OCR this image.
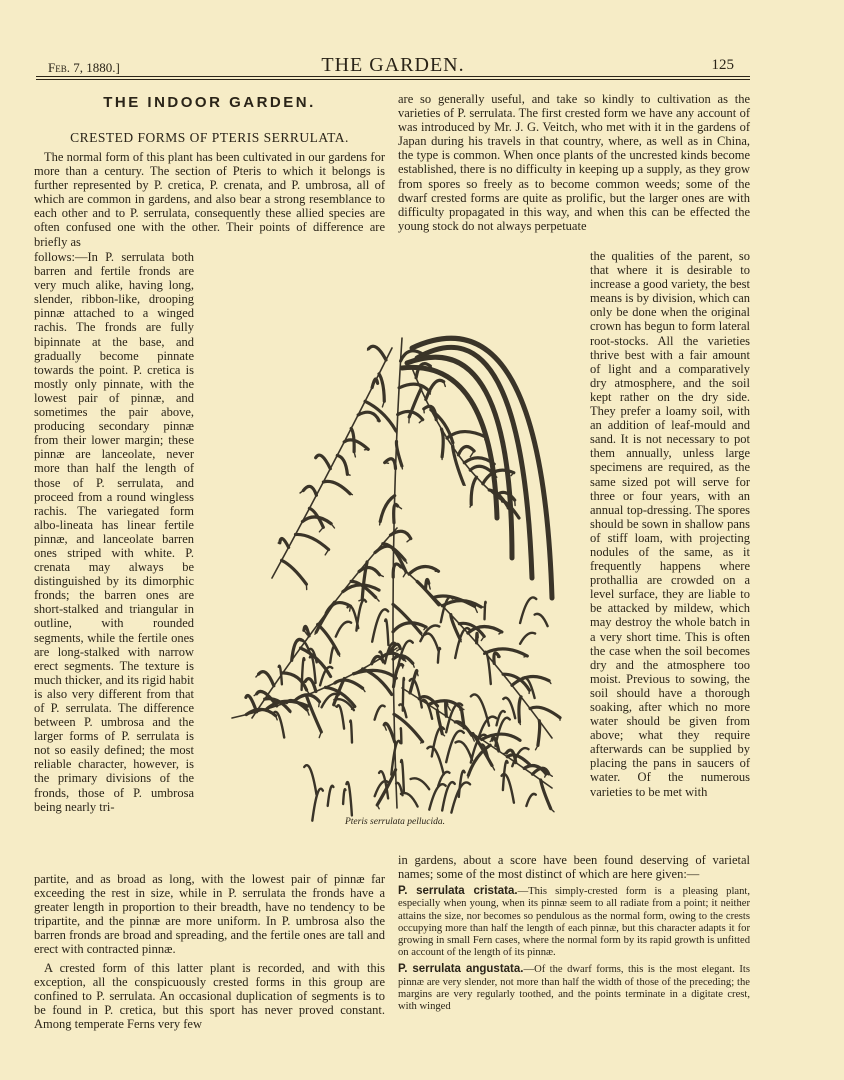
Feb. 7, 1880.]	THE GARDEN.	125
THE INDOOR GARDEN.
CRESTED FORMS OF PTERIS SERRULATA.

The normal form of this plant has been cultivated in our gardens for more than a century. The section of Pteris to which it belongs is further represented by P. cretica, P. crenata, and P. umbrosa, all of which are common in gardens, and also bear a strong resemblance to each other and to P. serrulata, consequently these allied species are often confused one with the other. Their points of difference are briefly as

follows:—In P. serrulata both barren and fertile fronds are very much alike, having long, slender, ribbon-like, drooping pinnæ attached to a winged rachis. The fronds are fully bipinnate at the base, and gradually become pinnate towards the point. P. cretica is mostly only pinnate, with the lowest pair of pinnæ, and sometimes the pair above, producing secondary pinnæ from their lower margin; these pinnæ are lanceolate, never more than half the length of those of P. serrulata, and proceed from a round wingless rachis. The variegated form albo-lineata has linear fertile pinnæ, and lanceolate barren ones striped with white. P. crenata may always be distinguished by its dimorphic fronds; the barren ones are short-stalked and triangular in outline, with rounded segments, while the fertile ones are long-stalked with narrow erect segments. The texture is much thicker, and its rigid habit is also very different from that of P. serrulata. The difference between P. umbrosa and the larger forms of P. serrulata is not so easily defined; the most reliable character, however, is the primary divisions of the fronds, those of P. umbrosa being nearly tri-

partite, and as broad as long, with the lowest pair of pinnæ far exceeding the rest in size, while in P. serrulata the fronds have a greater length in proportion to their breadth, have no tendency to be tripartite, and the pinnæ are more uniform. In P. umbrosa also the barren fronds are broad and spreading, and the fertile ones are tall and erect with contracted pinnæ.

A crested form of this latter plant is recorded, and with this exception, all the conspicuously crested forms in this group are confined to P. serrulata. An occasional duplication of segments is to be found in P. cretica, but this sport has never proved constant. Among temperate Ferns very few

are so generally useful, and take so kindly to cultivation as the varieties of P. serrulata. The first crested form we have any account of was introduced by Mr. J. G. Veitch, who met with it in the gardens of Japan during his travels in that country, where, as well as in China, the type is common. When once plants of the uncrested kinds become established, there is no difficulty in keeping up a supply, as they grow from spores so freely as to become common weeds; some of the dwarf crested forms are quite as prolific, but the larger ones are with difficulty propagated in this way, and when this can be effected the young stock do not always perpetuate

the qualities of the parent, so that where it is desirable to increase a good variety, the best means is by division, which can only be done when the original crown has begun to form lateral root-stocks. All the varieties thrive best with a fair amount of light and a comparatively dry atmosphere, and the soil kept rather on the dry side. They prefer a loamy soil, with an addition of leaf-mould and sand. It is not necessary to pot them annually, unless large specimens are required, as the same sized pot will serve for three or four years, with an annual top-dressing. The spores should be sown in shallow pans of stiff loam, with projecting nodules of the same, as it frequently happens where prothallia are crowded on a level surface, they are liable to be attacked by mildew, which may destroy the whole batch in a very short time. This is often the case when the soil becomes dry and the atmosphere too moist. Previous to sowing, the soil should have a thorough soaking, after which no more water should be given from above; what they require afterwards can be supplied by placing the pans in saucers of water. Of the numerous varieties to be met with

in gardens, about a score have been found deserving of varietal names; some of the most distinct of which are here given:—

P. serrulata cristata.—This simply-crested form is a pleasing plant, especially when young, when its pinnæ seem to all radiate from a point; it neither attains the size, nor becomes so pendulous as the normal form, owing to the crests occupying more than half the length of each pinnæ, but this character adapts it for growing in small Fern cases, where the normal form by its rapid growth is unfitted on account of the length of its pinnæ.
P. serrulata angustata.—Of the dwarf forms, this is the most elegant. Its pinnæ are very slender, not more than half the width of those of the preceding; the margins are very regularly toothed, and the points terminate in a digitate crest, with winged
Pteris serrulata pellucida.
